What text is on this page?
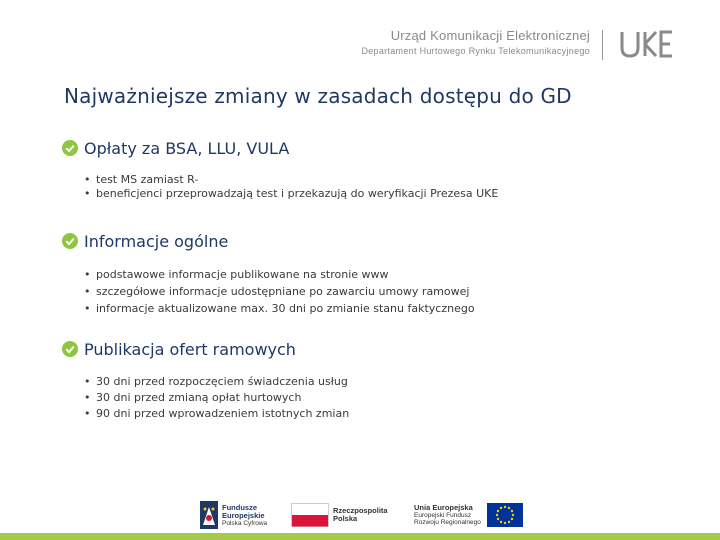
Urząd Komunikacji Elektronicznej
Departament Hurtowego Rynku Telekomunikacyjnego
Najważniejsze zmiany w zasadach dostępu do GD
Opłaty za BSA, LLU, VULA
• test MS zamiast R-
• beneficjenci przeprowadzają test i przekazują do weryfikacji Prezesa UKE
Informacje ogólne
• podstawowe informacje publikowane na stronie www
• szczegółowe informacje udostępniane po zawarciu umowy ramowej
• informacje aktualizowane max. 30 dni po zmianie stanu faktycznego
Publikacja ofert ramowych
• 30 dni przed rozpoczęciem świadczenia usług
• 30 dni przed zmianą opłat hurtowych
• 90 dni przed wprowadzeniem istotnych zmian
Fundusze
Europejskie
Polska Cyfrowa
Rzeczpospolita
Polska
Unia Europejska
Europejski Fundusz
Rozwoju Regionalnego
